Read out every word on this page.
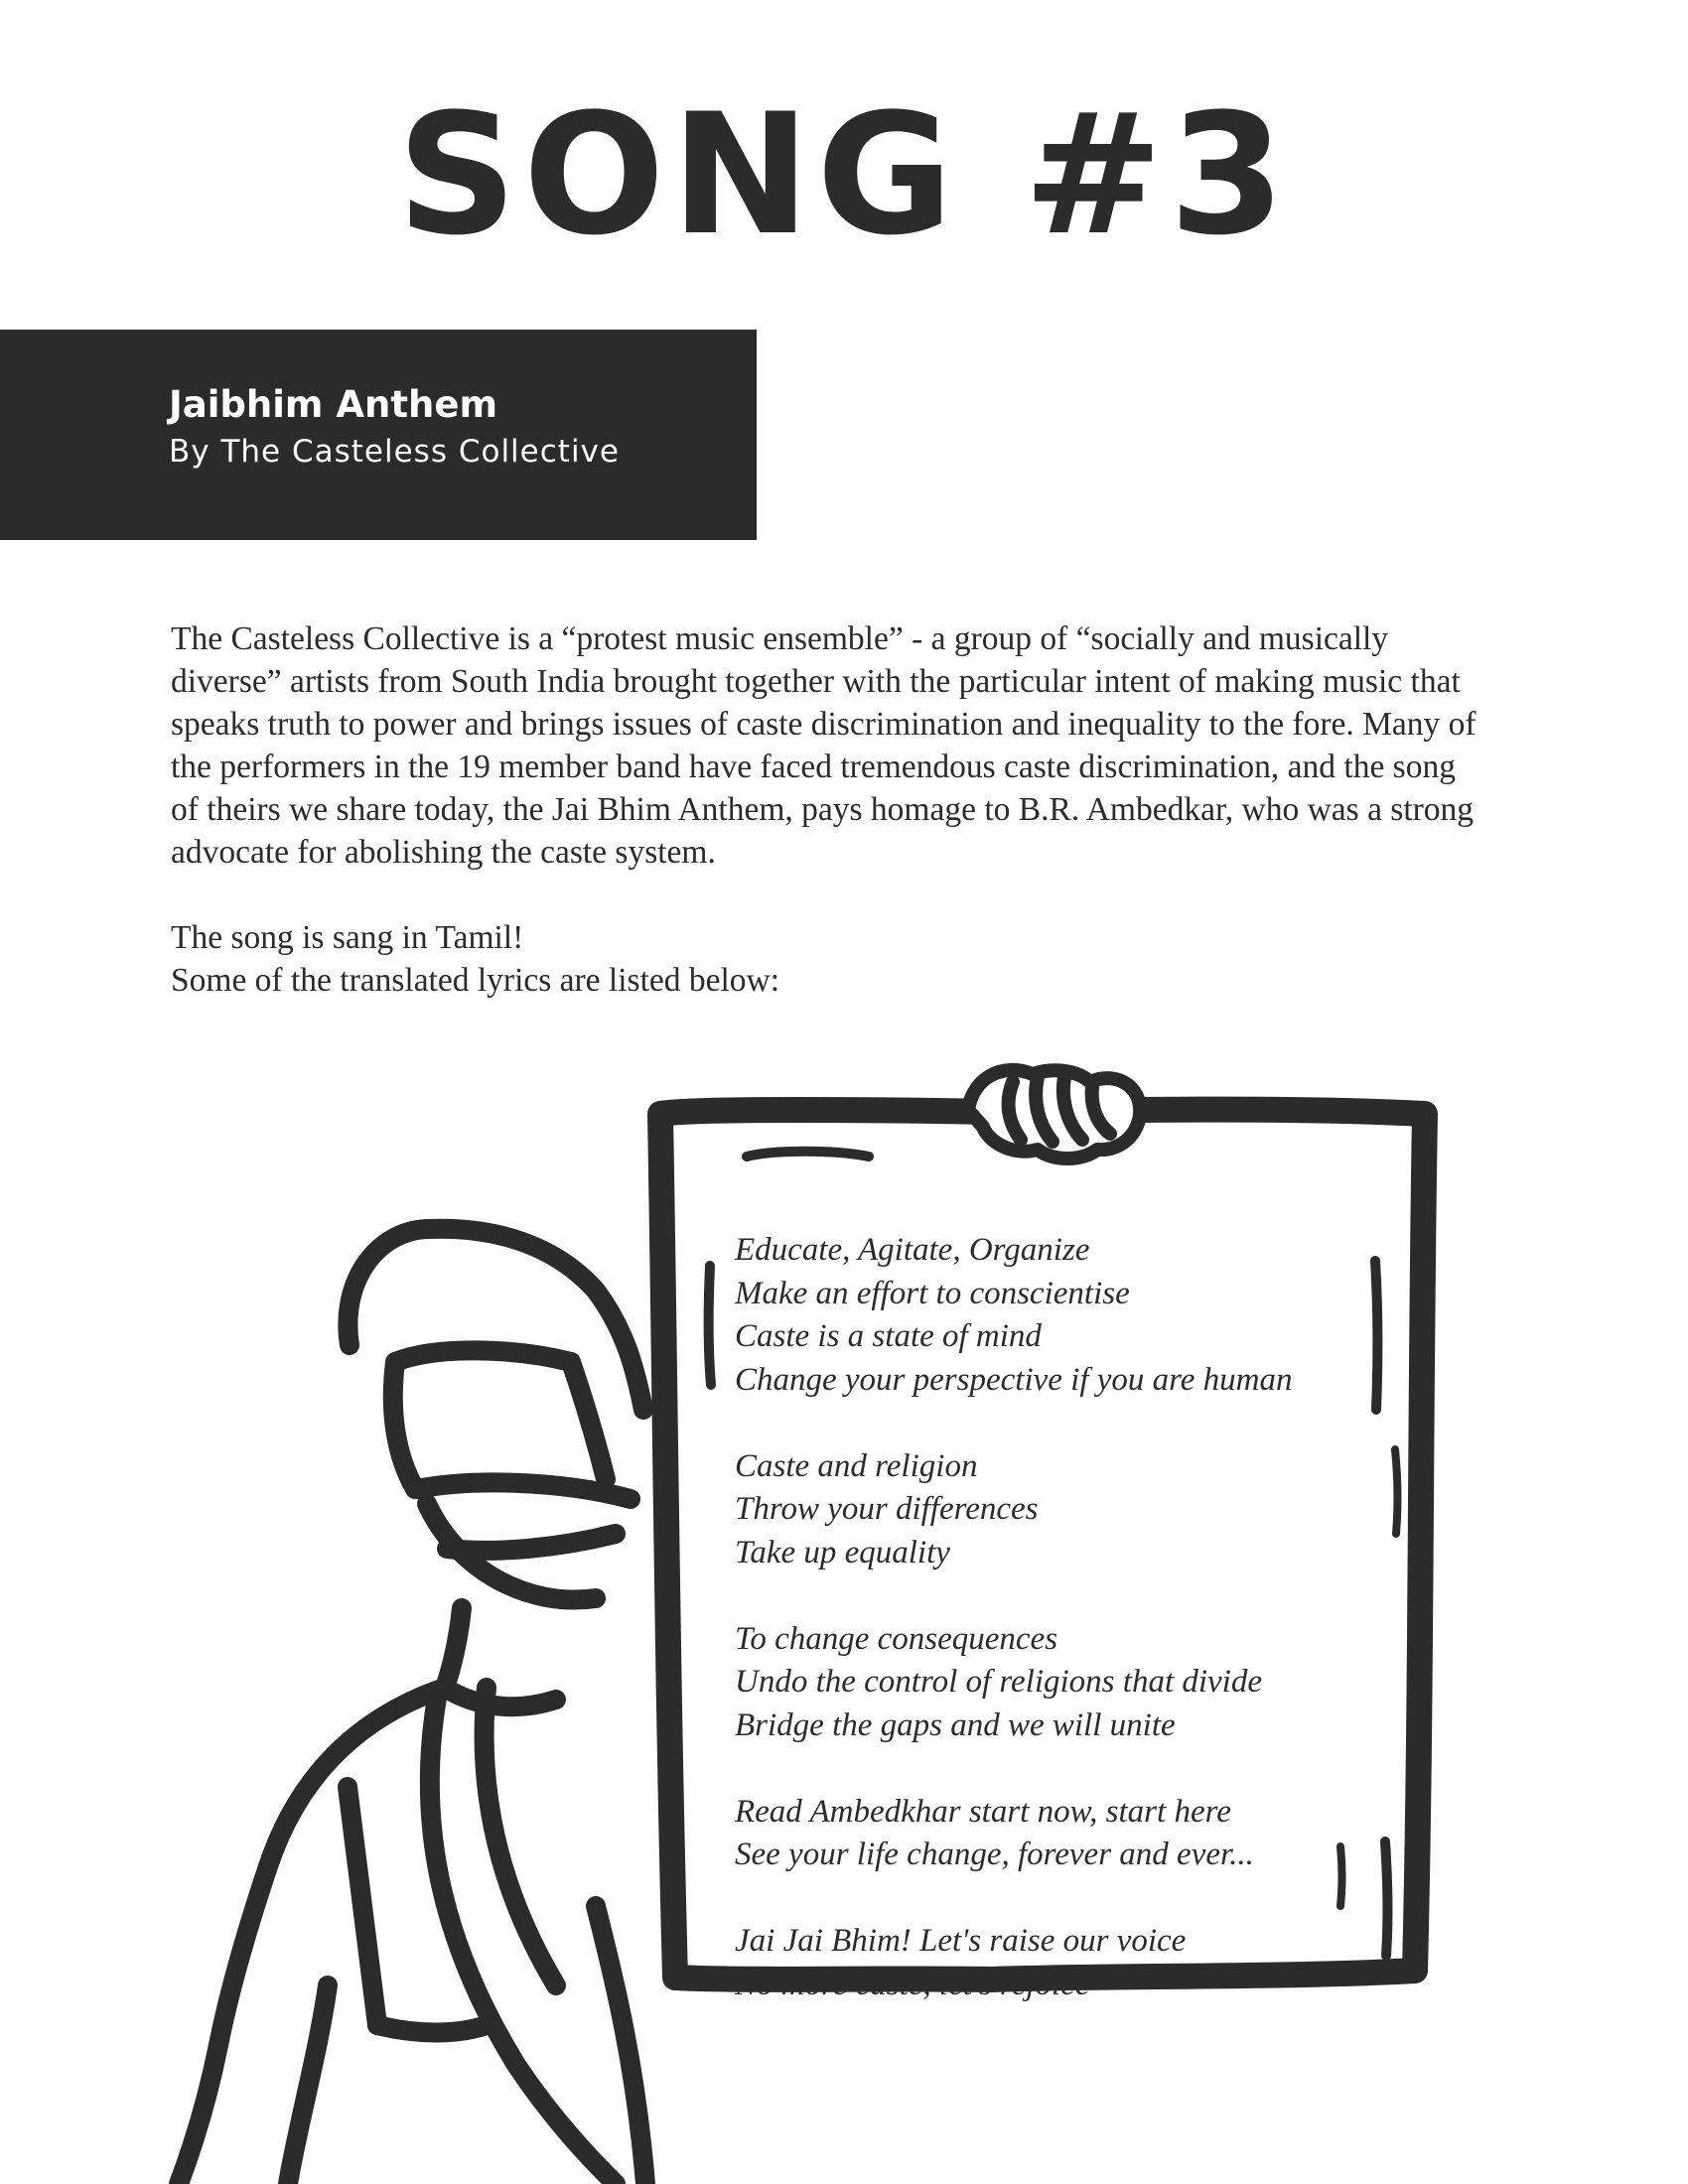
SONG #3
Jaibhim Anthem

By The Casteless Collective

The Casteless Collective is a “protest music ensemble” - a group of “socially and musically diverse” artists from South India brought together with the particular intent of making music that speaks truth to power and brings issues of caste discrimination and inequality to the fore. Many of the performers in the 19 member band have faced tremendous caste discrimination, and the song of theirs we share today, the Jai Bhim Anthem, pays homage to B.R. Ambedkar, who was a strong advocate for abolishing the caste system.

The song is sang in Tamil!
Some of the translated lyrics are listed below:

Educate, Agitate, Organize

Make an effort to conscientise

Caste is a state of mind

Change your perspective if you are human

Caste and religion

Throw your differences

Take up equality

To change consequences

Undo the control of religions that divide

Bridge the gaps and we will unite

Read Ambedkhar start now, start here

See your life change, forever and ever...

Jai Jai Bhim! Let's raise our voice

No more caste, let's rejoice
